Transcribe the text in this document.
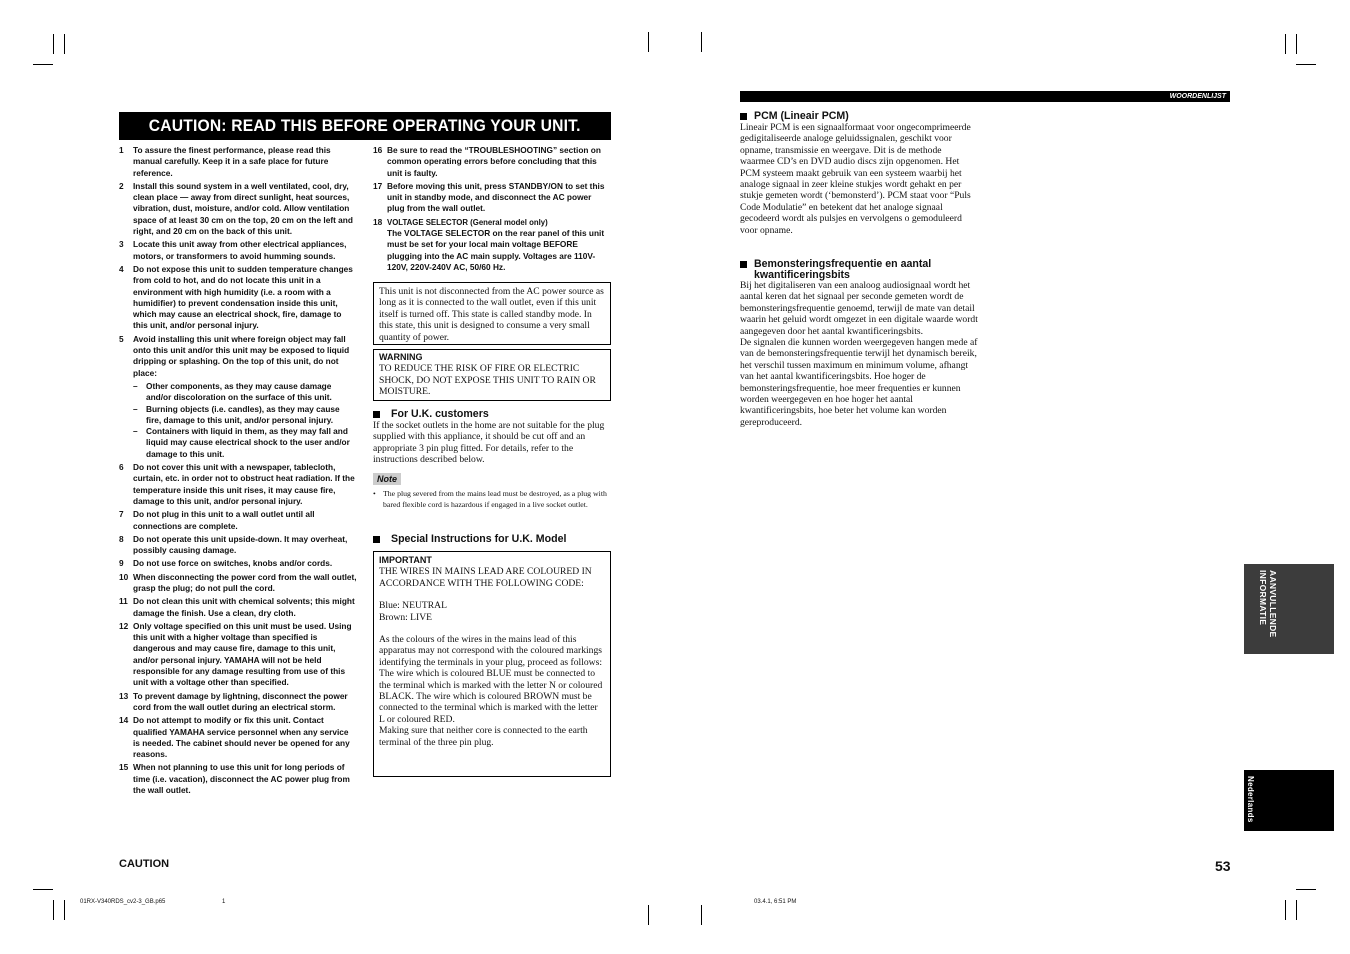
CAUTION: READ THIS BEFORE OPERATING YOUR UNIT.
1	To assure the finest performance, please read this manual carefully. Keep it in a safe place for future reference.
2	Install this sound system in a well ventilated, cool, dry, clean place — away from direct sunlight, heat sources, vibration, dust, moisture, and/or cold. Allow ventilation space of at least 30 cm on the top, 20 cm on the left and right, and 20 cm on the back of this unit.
3	Locate this unit away from other electrical appliances, motors, or transformers to avoid humming sounds.
4	Do not expose this unit to sudden temperature changes from cold to hot, and do not locate this unit in a environment with high humidity (i.e. a room with a humidifier) to prevent condensation inside this unit, which may cause an electrical shock, fire, damage to this unit, and/or personal injury.
5	Avoid installing this unit where foreign object may fall onto this unit and/or this unit may be exposed to liquid dripping or splashing. On the top of this unit, do not place:
–	Other components, as they may cause damage and/or discoloration on the surface of this unit.
–	Burning objects (i.e. candles), as they may cause fire, damage to this unit, and/or personal injury.
–	Containers with liquid in them, as they may fall and liquid may cause electrical shock to the user and/or damage to this unit.
6	Do not cover this unit with a newspaper, tablecloth, curtain, etc. in order not to obstruct heat radiation. If the temperature inside this unit rises, it may cause fire, damage to this unit, and/or personal injury.
7	Do not plug in this unit to a wall outlet until all connections are complete.
8	Do not operate this unit upside-down. It may overheat, possibly causing damage.
9	Do not use force on switches, knobs and/or cords.
10 When disconnecting the power cord from the wall outlet, grasp the plug; do not pull the cord.
11 Do not clean this unit with chemical solvents; this might damage the finish. Use a clean, dry cloth.
12 Only voltage specified on this unit must be used. Using this unit with a higher voltage than specified is dangerous and may cause fire, damage to this unit, and/or personal injury. YAMAHA will not be held responsible for any damage resulting from use of this unit with a voltage other than specified.
13 To prevent damage by lightning, disconnect the power cord from the wall outlet during an electrical storm.
14 Do not attempt to modify or fix this unit. Contact qualified YAMAHA service personnel when any service is needed. The cabinet should never be opened for any reasons.
15 When not planning to use this unit for long periods of time (i.e. vacation), disconnect the AC power plug from the wall outlet.
16 Be sure to read the “TROUBLESHOOTING” section on common operating errors before concluding that this unit is faulty.
17 Before moving this unit, press STANDBY/ON to set this unit in standby mode, and disconnect the AC power plug from the wall outlet.
18 VOLTAGE SELECTOR (General model only)
The VOLTAGE SELECTOR on the rear panel of this unit must be set for your local main voltage BEFORE plugging into the AC main supply. Voltages are 110V-120V, 220V-240V AC, 50/60 Hz.
This unit is not disconnected from the AC power source as long as it is connected to the wall outlet, even if this unit itself is turned off. This state is called standby mode. In this state, this unit is designed to consume a very small quantity of power.
WARNING
TO REDUCE THE RISK OF FIRE OR ELECTRIC SHOCK, DO NOT EXPOSE THIS UNIT TO RAIN OR MOISTURE.
For U.K. customers
If the socket outlets in the home are not suitable for the plug supplied with this appliance, it should be cut off and an appropriate 3 pin plug fitted. For details, refer to the instructions described below.
Note
• The plug severed from the mains lead must be destroyed, as a plug with bared flexible cord is hazardous if engaged in a live socket outlet.
Special Instructions for U.K. Model
IMPORTANT
THE WIRES IN MAINS LEAD ARE COLOURED IN ACCORDANCE WITH THE FOLLOWING CODE:
Blue: NEUTRAL
Brown: LIVE
As the colours of the wires in the mains lead of this apparatus may not correspond with the coloured markings identifying the terminals in your plug, proceed as follows:
The wire which is coloured BLUE must be connected to the terminal which is marked with the letter N or coloured BLACK. The wire which is coloured BROWN must be connected to the terminal which is marked with the letter L or coloured RED.
Making sure that neither core is connected to the earth terminal of the three pin plug.
CAUTION
01RX-V340RDS_cv2-3_GB.p65	1
WOORDENLIJST
PCM (Lineair PCM)
Lineair PCM is een signaalformaat voor ongecomprimeerde gedigitaliseerde analoge geluidssignalen, geschikt voor opname, transmissie en weergave. Dit is de methode waarmee CD’s en DVD audio discs zijn opgenomen. Het PCM systeem maakt gebruik van een systeem waarbij het analoge signaal in zeer kleine stukjes wordt gehakt en per stukje gemeten wordt (‘bemonsterd’). PCM staat voor “Puls Code Modulatie” en betekent dat het analoge signaal gecodeerd wordt als pulsjes en vervolgens o gemoduleerd voor opname.
Bemonsteringsfrequentie en aantal kwantificeringsbits
Bij het digitaliseren van een analoog audiosignaal wordt het aantal keren dat het signaal per seconde gemeten wordt de bemonsteringsfrequentie genoemd, terwijl de mate van detail waarin het geluid wordt omgezet in een digitale waarde wordt aangegeven door het aantal kwantificeringsbits.
De signalen die kunnen worden weergegeven hangen mede af van de bemonsteringsfrequentie terwijl het dynamisch bereik, het verschil tussen maximum en minimum volume, afhangt van het aantal kwantificeringsbits. Hoe hoger de bemonsteringsfrequentie, hoe meer frequenties er kunnen worden weergegeven en hoe hoger het aantal kwantificeringsbits, hoe beter het volume kan worden gereproduceerd.
AANVULLENDE INFORMATIE
Nederlands
53
03.4.1, 6:51 PM
